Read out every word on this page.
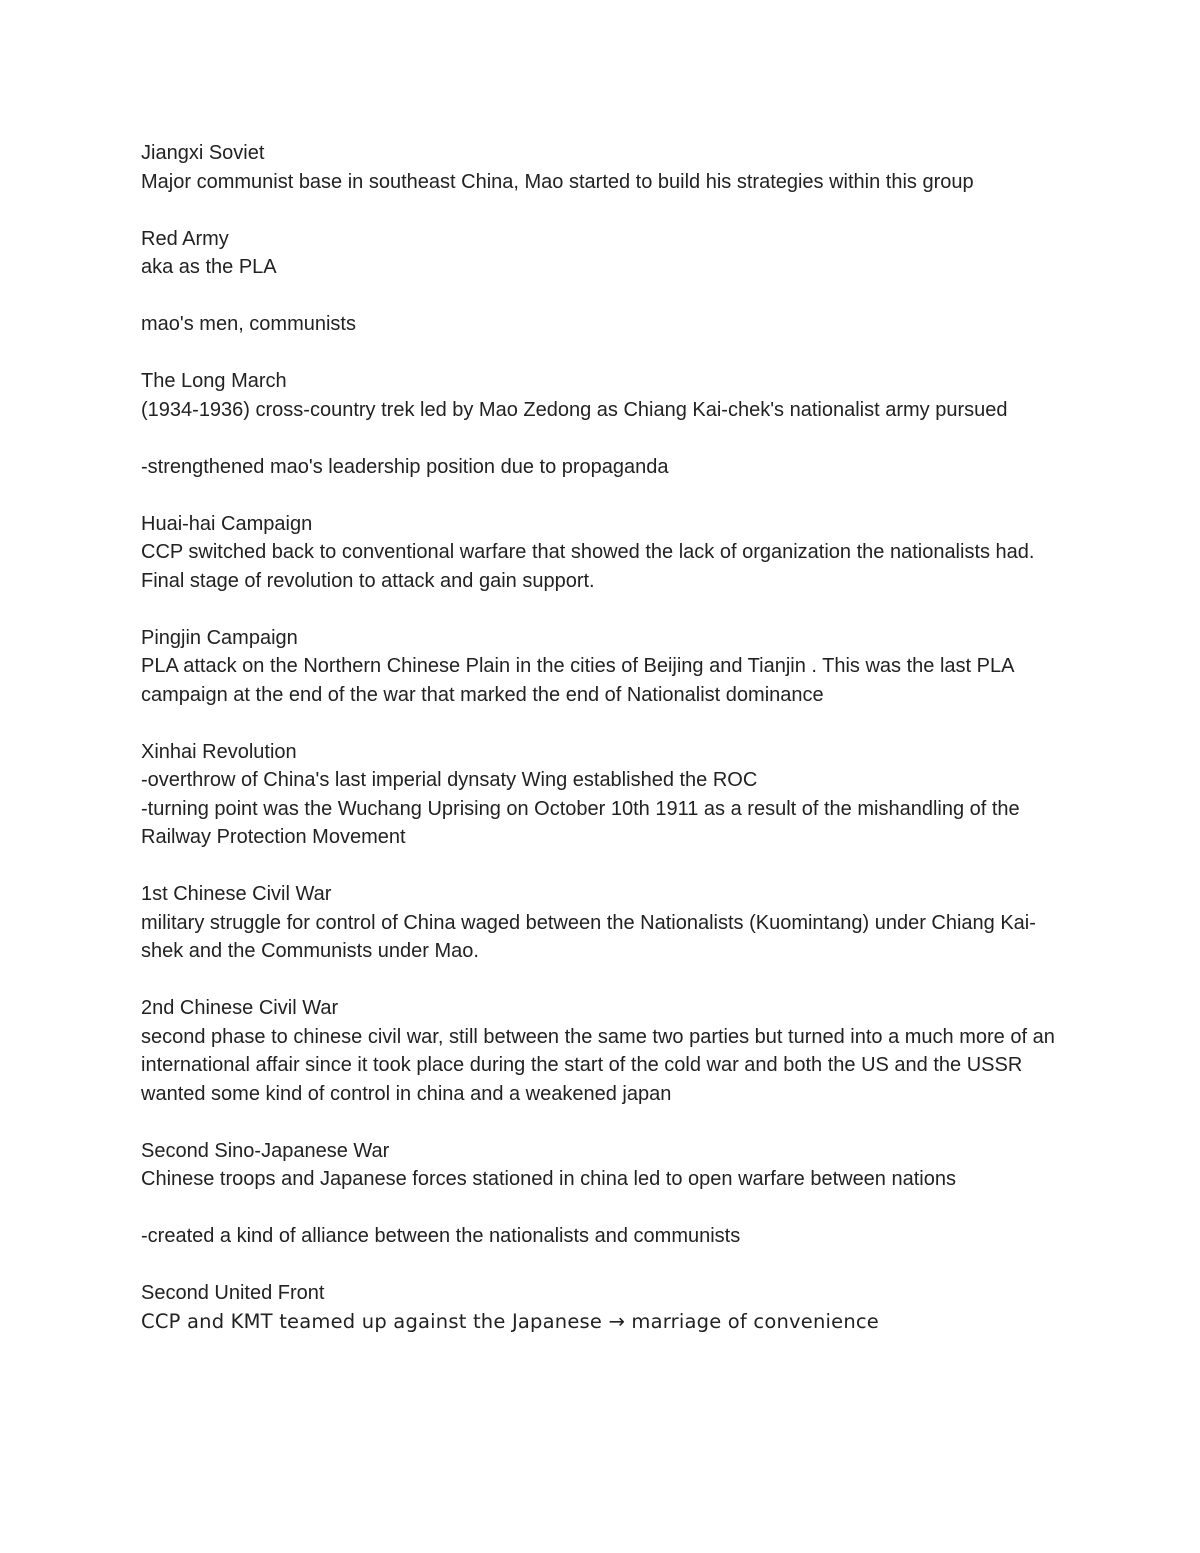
Jiangxi Soviet

Major communist base in southeast China, Mao started to build his strategies within this group

Red Army

aka as the PLA

mao's men, communists

The Long March

(1934-1936) cross-country trek led by Mao Zedong as Chiang Kai-chek's nationalist army pursued

-strengthened mao's leadership position due to propaganda

Huai-hai Campaign

CCP switched back to conventional warfare that showed the lack of organization the nationalists had.

Final stage of revolution to attack and gain support.

Pingjin Campaign

PLA attack on the Northern Chinese Plain in the cities of Beijing and Tianjin . This was the last PLA campaign at the end of the war that marked the end of Nationalist dominance

Xinhai Revolution

-overthrow of China's last imperial dynsaty Wing established the ROC

-turning point was the Wuchang Uprising on October 10th 1911 as a result of the mishandling of the Railway Protection Movement

1st Chinese Civil War

military struggle for control of China waged between the Nationalists (Kuomintang) under Chiang Kai-shek and the Communists under Mao.

2nd Chinese Civil War

second phase to chinese civil war, still between the same two parties but turned into a much more of an international affair since it took place during the start of the cold war and both the US and the USSR wanted some kind of control in china and a weakened japan

Second Sino-Japanese War

Chinese troops and Japanese forces stationed in china led to open warfare between nations

-created a kind of alliance between the nationalists and communists

Second United Front

CCP and KMT teamed up against the Japanese → marriage of convenience
